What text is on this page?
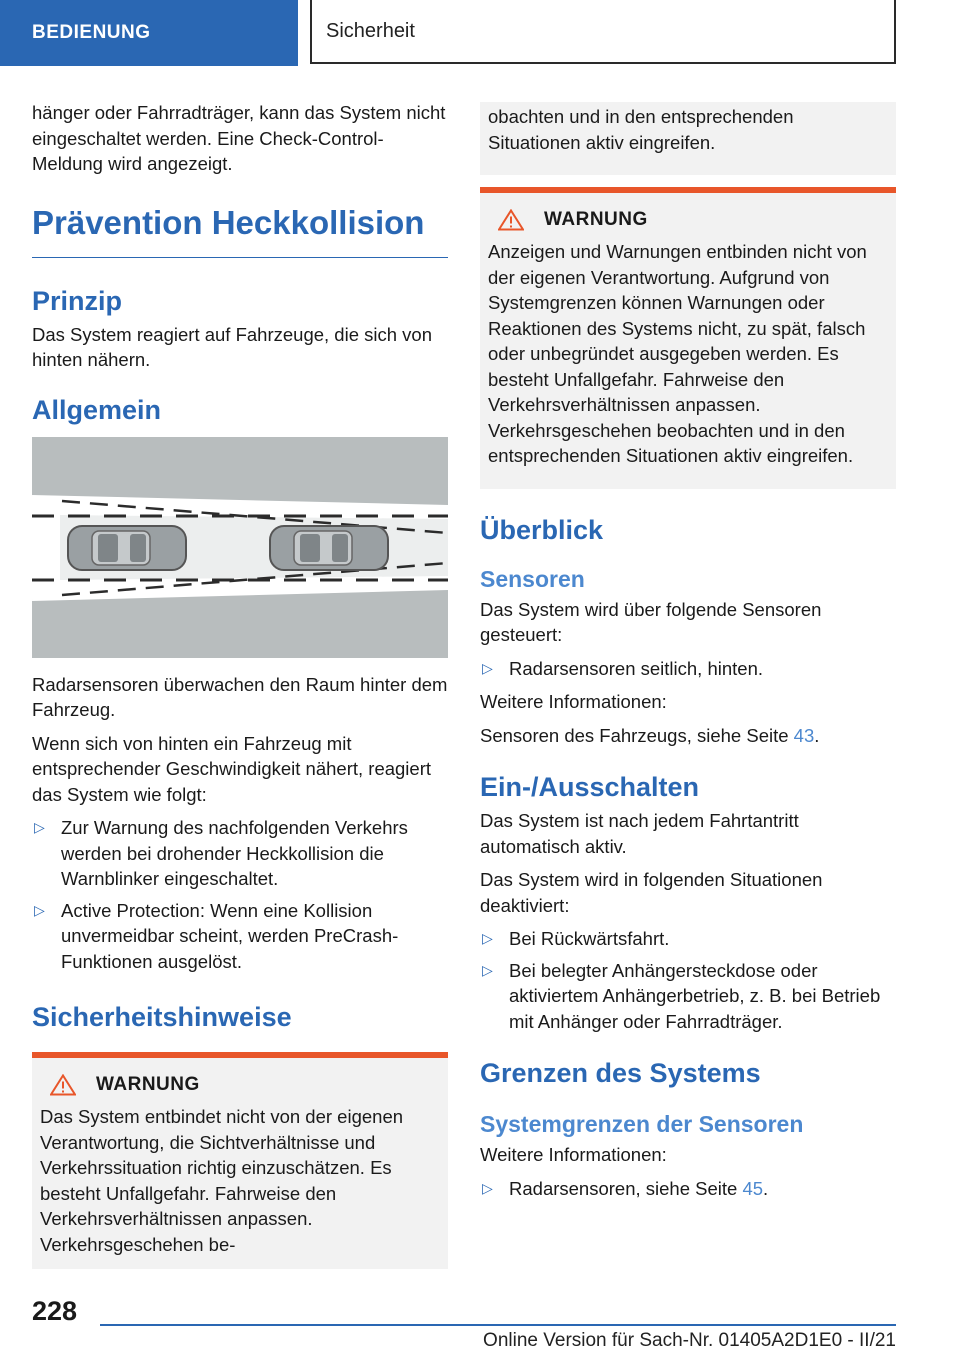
BEDIENUNG	Sicherheit

hänger oder Fahrradträger, kann das System nicht eingeschaltet werden. Eine Check-Control-Meldung wird angezeigt.

Prävention Heckkollision
Prinzip

Das System reagiert auf Fahrzeuge, die sich von hinten nähern.

Allgemein

Radarsensoren überwachen den Raum hinter dem Fahrzeug.

Wenn sich von hinten ein Fahrzeug mit entsprechender Geschwindigkeit nähert, reagiert das System wie folgt:

▷ Zur Warnung des nachfolgenden Verkehrs werden bei drohender Heckkollision die Warnblinker eingeschaltet.
▷ Active Protection: Wenn eine Kollision unvermeidbar scheint, werden PreCrash-Funktionen ausgelöst.
Sicherheitshinweise
WARNUNG

Das System entbindet nicht von der eigenen Verantwortung, die Sichtverhältnisse und Verkehrssituation richtig einzuschätzen. Es besteht Unfallgefahr. Fahrweise den Verkehrsverhältnissen anpassen. Verkehrsgeschehen be-

obachten und in den entsprechenden Situationen aktiv eingreifen.

WARNUNG

Anzeigen und Warnungen entbinden nicht von der eigenen Verantwortung. Aufgrund von Systemgrenzen können Warnungen oder Reaktionen des Systems nicht, zu spät, falsch oder unbegründet ausgegeben werden. Es besteht Unfallgefahr. Fahrweise den Verkehrsverhältnissen anpassen. Verkehrsgeschehen beobachten und in den entsprechenden Situationen aktiv eingreifen.

Überblick
Sensoren

Das System wird über folgende Sensoren gesteuert:

▷ Radarsensoren seitlich, hinten.

Weitere Informationen:

Sensoren des Fahrzeugs, siehe Seite 43.

Ein-/Ausschalten

Das System ist nach jedem Fahrtantritt automatisch aktiv.

Das System wird in folgenden Situationen deaktiviert:

▷ Bei Rückwärtsfahrt.
▷ Bei belegter Anhängersteckdose oder aktiviertem Anhängerbetrieb, z. B. bei Betrieb mit Anhänger oder Fahrradträger.
Grenzen des Systems
Systemgrenzen der Sensoren

Weitere Informationen:

▷ Radarsensoren, siehe Seite 45.
228
Online Version für Sach-Nr. 01405A2D1E0 - II/21
